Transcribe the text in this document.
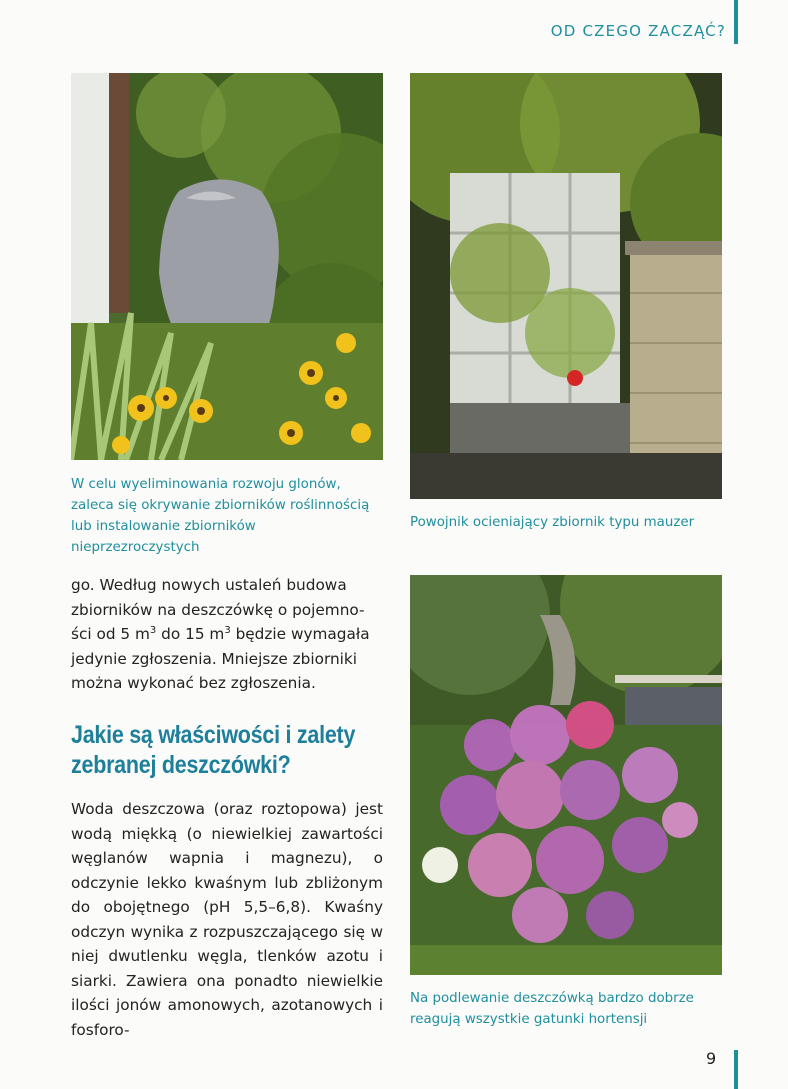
OD CZEGO ZACZĄĆ?
W celu wyeliminowania rozwoju glonów, zaleca się okrywanie zbiorników roślinnością lub instalowanie zbiorników nieprzezroczystych
Powojnik ocieniający zbiornik typu mauzer
Na podlewanie deszczówką bardzo dobrze reagują wszystkie gatunki hortensji
go. Według nowych ustaleń budowa
zbiorników na deszczówkę o pojemno-
ści od 5 $m^3$ do 15 $m^3$ będzie wymagała
jedynie zgłoszenia. Mniejsze zbiorniki
można wykonać bez zgłoszenia.
Jakie są właściwości i zalety zebranej deszczówki?
Woda deszczowa (oraz roztopowa) jest wodą miękką (o niewielkiej zawartości węglanów wapnia i magnezu), o odczynie lekko kwaśnym lub zbliżonym do obojętnego (pH 5,5–6,8). Kwaśny odczyn wynika z rozpuszczającego się w niej dwutlenku węgla, tlenków azotu i siarki. Zawiera ona ponadto niewielkie ilości jonów amonowych, azotanowych i fosforo-
9
